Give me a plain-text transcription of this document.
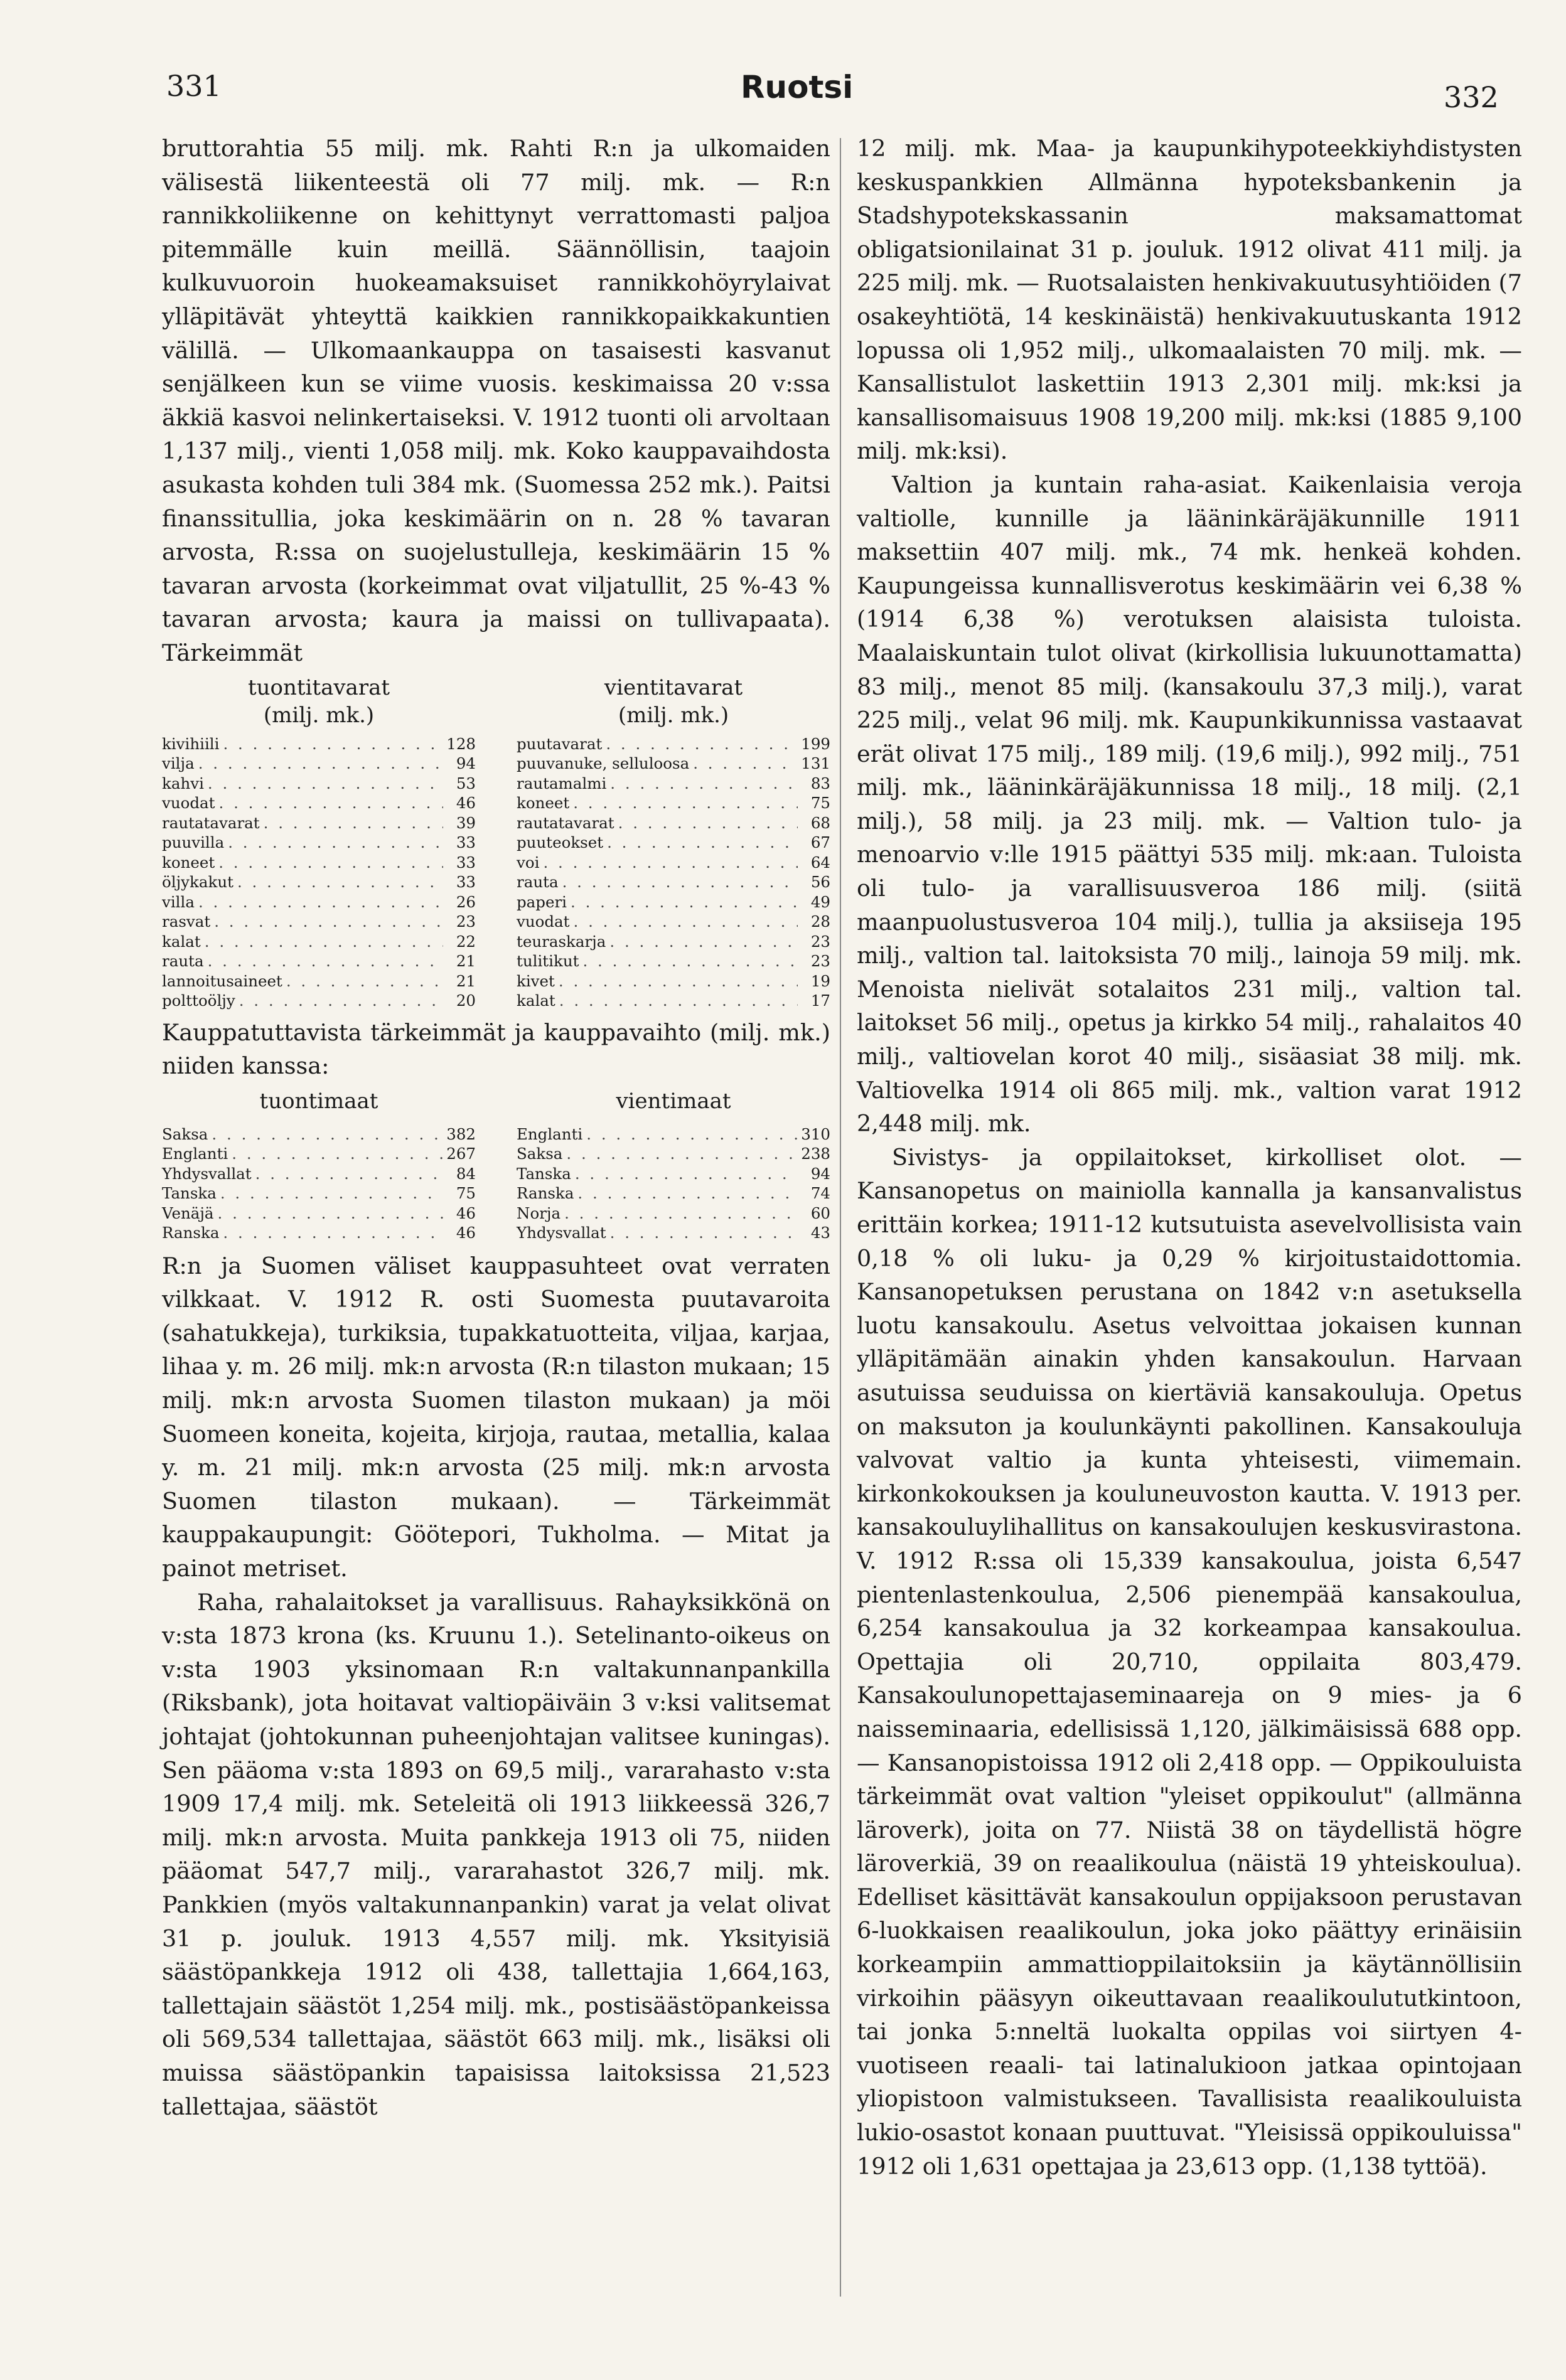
331	Ruotsi	332

bruttorahtia 55 milj. mk. Rahti R:n ja ulkomaiden välisestä liikenteestä oli 77 milj. mk. — R:n rannikkoliikenne on kehittynyt verrattomasti paljoa pitemmälle kuin meillä. Säännöllisin, taajoin kulkuvuoroin huokeamaksuiset rannikkohöyrylaivat ylläpitävät yhteyttä kaikkien rannikkopaikkakuntien välillä. — Ulkomaankauppa on tasaisesti kasvanut senjälkeen kun se viime vuosis. keskimaissa 20 v:ssa äkkiä kasvoi nelinkertaiseksi. V. 1912 tuonti oli arvoltaan 1,137 milj., vienti 1,058 milj. mk. Koko kauppavaihdosta asukasta kohden tuli 384 mk. (Suomessa 252 mk.). Paitsi finanssitullia, joka keskimäärin on n. 28 % tavaran arvosta, R:ssa on suojelustulleja, keskimäärin 15 % tavaran arvosta (korkeimmat ovat viljatullit, 25 %-43 % tavaran arvosta; kaura ja maissi on tullivapaata). Tärkeimmät

tuontitavarat
(milj. mk.)
kivihiili . . .	128
vilja . . .	94
kahvi . . .	53
vuodat . . .	46
rautatavarat . . .	39
puuvilla . . .	33
koneet . . .	33
öljykakut . . .	33
villa . . .	26
rasvat . . .	23
kalat . . .	22
rauta . . .	21
lannoitusaineet . . .	21
polttoöljy . . .	20
vientitavarat
(milj. mk.)
puutavarat . . .	199
puuvanuke, selluloosa . . .	131
rautamalmi . . .	83
koneet . . .	75
rautatavarat . . .	68
puuteokset . . .	67
voi . . .	64
rauta . . .	56
paperi . . .	49
vuodat . . .	28
teuraskarja . . .	23
tulitikut . . .	23
kivet . . .	19
kalat . . .	17

Kauppatuttavista tärkeimmät ja kauppavaihto (milj. mk.) niiden kanssa:

tuontimaat
Saksa . . .	382
Englanti . . .	267
Yhdysvallat . . .	84
Tanska . . .	75
Venäjä . . .	46
Ranska . . .	46
vientimaat
Englanti . . .	310
Saksa . . .	238
Tanska . . .	94
Ranska . . .	74
Norja . . .	60
Yhdysvallat . . .	43

R:n ja Suomen väliset kauppasuhteet ovat verraten vilkkaat. V. 1912 R. osti Suomesta puutavaroita (sahatukkeja), turkiksia, tupakkatuotteita, viljaa, karjaa, lihaa y. m. 26 milj. mk:n arvosta (R:n tilaston mukaan; 15 milj. mk:n arvosta Suomen tilaston mukaan) ja möi Suomeen koneita, kojeita, kirjoja, rautaa, metallia, kalaa y. m. 21 milj. mk:n arvosta (25 milj. mk:n arvosta Suomen tilaston mukaan). — Tärkeimmät kauppakaupungit: Gööteporі, Tukholma. — Mitat ja painot metriset.

Raha, rahalaitokset ja varallisuus. Rahayksikkönä on v:sta 1873 krona (ks. Kruunu 1.). Setelinanto-oikeus on v:sta 1903 yksinomaan R:n valtakunnanpankilla (Riksbank), jota hoitavat valtiopäiväin 3 v:ksi valitsemat johtajat (johtokunnan puheenjohtajan valitsee kuningas). Sen pääoma v:sta 1893 on 69,5 milj., vararahasto v:sta 1909 17,4 milj. mk. Seteleitä oli 1913 liikkeessä 326,7 milj. mk:n arvosta. Muita pankkeja 1913 oli 75, niiden pääomat 547,7 milj., vararahastot 326,7 milj. mk. Pankkien (myös valtakunnanpankin) varat ja velat olivat 31 p. jouluk. 1913 4,557 milj. mk. Yksityisiä säästöpankkeja 1912 oli 438, tallettajia 1,664,163, tallettajain säästöt 1,254 milj. mk., postisäästöpankeissa oli 569,534 tallettajaa, säästöt 663 milj. mk., lisäksi oli muissa säästöpankin tapaisissa laitoksissa 21,523 tallettajaa, säästöt

12 milj. mk. Maa- ja kaupunkihypoteekkiyhdistysten keskuspankkien Allmänna hypoteksbankenin ja Stadshypotekskassanin maksamattomat obligatsionilainat 31 p. jouluk. 1912 olivat 411 milj. ja 225 milj. mk. — Ruotsalaisten henkivakuutusyhtiöiden (7 osakeyhtiötä, 14 keskinäistä) henkivakuutuskanta 1912 lopussa oli 1,952 milj., ulkomaalaisten 70 milj. mk. — Kansallistulot laskettiin 1913 2,301 milj. mk:ksi ja kansallisomaisuus 1908 19,200 milj. mk:ksi (1885 9,100 milj. mk:ksi).

Valtion ja kuntain raha-asiat. Kaikenlaisia veroja valtiolle, kunnille ja lääninkäräjäkunnille 1911 maksettiin 407 milj. mk., 74 mk. henkeä kohden. Kaupungeissa kunnallisverotus keskimäärin vei 6,38 % (1914 6,38 %) verotuksen alaisista tuloista. Maalaiskuntain tulot olivat (kirkollisia lukuunottamatta) 83 milj., menot 85 milj. (kansakoulu 37,3 milj.), varat 225 milj., velat 96 milj. mk. Kaupunkikunnissa vastaavat erät olivat 175 milj., 189 milj. (19,6 milj.), 992 milj., 751 milj. mk., lääninkäräjäkunnissa 18 milj., 18 milj. (2,1 milj.), 58 milj. ja 23 milj. mk. — Valtion tulo- ja menoarvio v:lle 1915 päättyi 535 milj. mk:aan. Tuloista oli tulo- ja varallisuusveroa 186 milj. (siitä maanpuolustusveroa 104 milj.), tullia ja aksiiseja 195 milj., valtion tal. laitoksista 70 milj., lainoja 59 milj. mk. Menoista nielivät sotalaitos 231 milj., valtion tal. laitokset 56 milj., opetus ja kirkko 54 milj., rahalaitos 40 milj., valtiovelan korot 40 milj., sisäasiat 38 milj. mk. Valtiovelka 1914 oli 865 milj. mk., valtion varat 1912 2,448 milj. mk.

Sivistys- ja oppilaitokset, kirkolliset olot. — Kansanopetus on mainiolla kannalla ja kansanvalistus erittäin korkea; 1911-12 kutsutuista asevelvollisista vain 0,18 % oli luku- ja 0,29 % kirjoitustaidottomia. Kansanopetuksen perustana on 1842 v:n asetuksella luotu kansakoulu. Asetus velvoittaa jokaisen kunnan ylläpitämään ainakin yhden kansakoulun. Harvaan asutuissa seuduissa on kiertäviä kansakouluja. Opetus on maksuton ja koulunkäynti pakollinen. Kansakouluja valvovat valtio ja kunta yhteisesti, viimemain. kirkonkokouksen ja kouluneuvoston kautta. V. 1913 per. kansakouluylihallitus on kansakoulujen keskusvirastona. V. 1912 R:ssa oli 15,339 kansakoulua, joista 6,547 pientenlastenkoulua, 2,506 pienempää kansakoulua, 6,254 kansakoulua ja 32 korkeampaa kansakoulua. Opettajia oli 20,710, oppilaita 803,479. Kansakoulunopettajaseminaareja on 9 mies- ja 6 naisseminaaria, edellisissä 1,120, jälkimäisissä 688 opp. — Kansanopistoissa 1912 oli 2,418 opp. — Oppikouluista tärkeimmät ovat valtion "yleiset oppikoulut" (allmänna läroverk), joita on 77. Niistä 38 on täydellistä högre läroverkiä, 39 on reaalikoulua (näistä 19 yhteiskoulua). Edelliset käsittävät kansakoulun oppijaksoon perustavan 6-luokkaisen reaalikoulun, joka joko päättyy erinäisiin korkeampiin ammattioppilaitoksiin ja käytännöllisiin virkoihin pääsyyn oikeuttavaan reaalikoulututkintoon, tai jonka 5:nneltä luokalta oppilas voi siirtyen 4-vuotiseen reaali- tai latinalukioon jatkaa opintojaan yliopistoon valmistukseen. Tavallisista reaalikouluista lukio-osastot konaan puuttuvat. "Yleisissä oppikouluissa" 1912 oli 1,631 opettajaa ja 23,613 opp. (1,138 tyttöä).
